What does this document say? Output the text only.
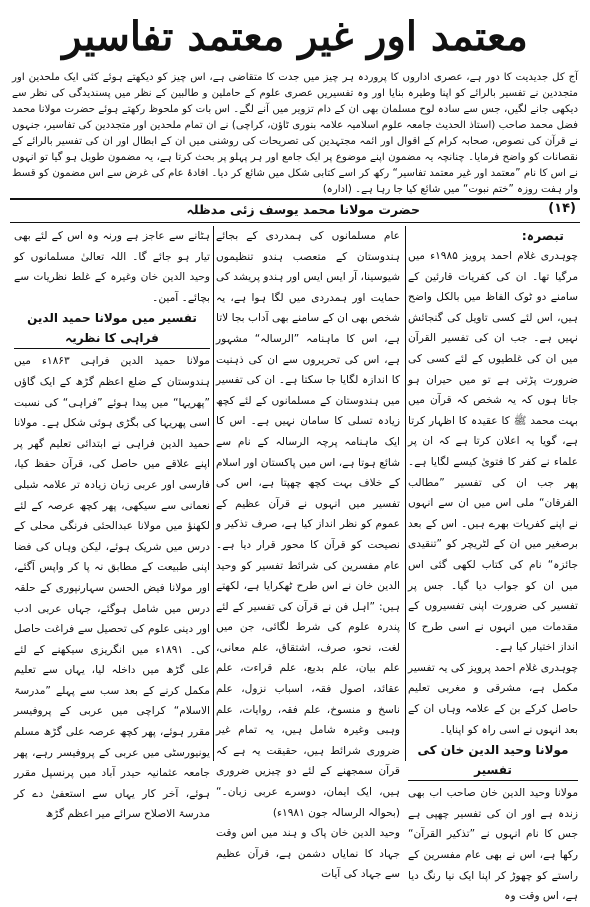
معتمد اور غیر معتمد تفاسیر
آج کل جدیدیت کا دور ہے، عصری اداروں کا پروردہ ہر چیز میں جدت کا متقاضی ہے، اس چیز کو دیکھتے ہوئے کئی ایک ملحدین اور متجددین نے تفسیر بالرائے کو اپنا وطیرہ بنایا اور وہ تفسیریں عصری علوم کے حاملین و طالبین کے نظر میں پسندیدگی کی نظر سے دیکھی جانے لگیں، جس سے سادہ لوح مسلمان بھی ان کے دام تزویر میں آنے لگے۔ اس بات کو ملحوظ رکھتے ہوئے حضرت مولانا محمد فضل محمد صاحب (استاذ الحدیث جامعہ علوم اسلامیہ علامہ بنوری ٹاؤن، کراچی) نے ان تمام ملحدین اور متجددین کی تفاسیر، جنہوں نے قرآن کی نصوص، صحابہ کرام کے اقوال اور ائمہ مجتہدین کی تصریحات کی روشنی میں ان کے ابطال اور ان کی تفسیر بالرائے کے نقصانات کو واضح فرمایا۔ چنانچہ یہ مضمون اپنے موضوع پر ایک جامع اور ہر پہلو پر بحث کرتا ہے، یہ مضمون طویل ہو گیا تو انہوں نے اس کا نام ”معتمد اور غیر معتمد تفاسیر“ رکھ کر اسے کتابی شکل میں شائع کر دیا۔ افادۂ عام کی غرض سے اس مضمون کو قسط وار ہفت روزہ ”ختم نبوت“ میں شائع کیا جا رہا ہے۔ (ادارہ)
(۱۴)
حضرت مولانا محمد یوسف زئی مدظلہ
تبصرہ:

چوہدری غلام احمد پرویز ۱۹۸۵ء میں مرگیا تھا۔ ان کی کفریات قارئین کے سامنے دو ٹوک الفاظ میں بالکل واضح ہیں، اس لئے کسی تاویل کی گنجائش نہیں ہے۔ جب ان کی تفسیر القرآن میں ان کی غلطیوں کے لئے کسی کی ضرورت پڑتی ہے تو میں حیران ہو جاتا ہوں کہ یہ شخص کہ قرآن میں بہت محمد ﷺ کا عقیدہ کا اظہار کرتا ہے، گویا یہ اعلان کرتا ہے کہ ان پر علماء نے کفر کا فتویٰ کیسے لگایا ہے۔ پھر جب ان کی تفسیر ”مطالب الفرقان“ ملی اس میں ان سے انہوں نے اپنے کفریات بھرے ہیں۔ اس کے بعد برصغیر میں ان کے لٹریچر کو ”تنقیدی جائزہ“ نام کی کتاب لکھی گئی اس میں ان کو جواب دیا گیا۔ جس پر تفسیر کی ضرورت اپنی تفسیروں کے مقدمات میں انہوں نے اسی طرح کا انداز اختیار کیا ہے۔

چوہدری غلام احمد پرویز کی یہ تفسیر مکمل ہے، مشرقی و مغربی تعلیم حاصل کرکے بن کے علامہ وہاں ان کے بعد انہوں نے اسی راہ کو اپنایا۔

مولانا وحید الدین خان کی تفسیر

مولانا وحید الدین خان صاحب اب بھی زندہ ہے اور ان کی تفسیر چھپی ہے جس کا نام انہوں نے ”تذکیر القرآن“ رکھا ہے، اس نے بھی عام مفسرین کے راستے کو چھوڑ کر اپنا ایک نیا رنگ دیا ہے، اس وقت وہ

عام مسلمانوں کی ہمدردی کے بجائے ہندوستان کے متعصب ہندو تنظیموں شیوسینا، آر ایس ایس اور ہندو پریشد کی حمایت اور ہمدردی میں لگا ہوا ہے، یہ شخص بھی ان کے سامنے بھی آداب بجا لاتا ہے، اس کا ماہنامہ ”الرسالہ“ مشہور ہے، اس کی تحریروں سے ان کی ذہنیت کا اندازہ لگایا جا سکتا ہے۔ ان کی تفسیر میں ہندوستان کے مسلمانوں کے لئے کچھ زیادہ تسلی کا سامان نہیں ہے۔ اس کا ایک ماہنامہ پرچہ الرسالہ کے نام سے شائع ہوتا ہے، اس میں پاکستان اور اسلام کے خلاف بہت کچھ چھپتا ہے، اس کی تفسیر میں انہوں نے قرآن عظیم کے عموم کو نظر انداز کیا ہے، صرف تذکیر و نصیحت کو قرآن کا محور قرار دیا ہے۔ عام مفسرین کی شرائط تفسیر کو وحید الدین خان نے اس طرح ٹھکرایا ہے، لکھتے ہیں: ”اہل فن نے قرآن کی تفسیر کے لئے پندرہ علوم کی شرط لگائی، جن میں لغت، نحو، صرف، اشتقاق، علم معانی، علم بیان، علم بدیع، علم قراءت، علم عقائد، اصول فقہ، اسباب نزول، علم ناسخ و منسوخ، علم فقہ، روایات، علم وہبی وغیرہ شامل ہیں، یہ تمام غیر ضروری شرائط ہیں، حقیقت یہ ہے کہ قرآن سمجھنے کے لئے دو چیزیں ضروری ہیں، ایک ایمان، دوسرے عربی زبان۔“ (بحوالہ الرسالہ جون ۱۹۸۱ء)

وحید الدین خان پاک و ہند میں اس وقت جہاد کا نمایاں دشمن ہے، قرآن عظیم سے جہاد کی آیات

ہٹانے سے عاجز ہے ورنہ وہ اس کے لئے بھی تیار ہو جائے گا۔ اللہ تعالیٰ مسلمانوں کو وحید الدین خان وغیرہ کے غلط نظریات سے بچائے۔ آمین۔

تفسیر میں مولانا حمید الدین فراہی کا نظریہ

مولانا حمید الدین فراہی ۱۸۶۳ء میں ہندوستان کے ضلع اعظم گڑھ کے ایک گاؤں ”پھریہا“ میں پیدا ہوئے ”فراہی“ کی نسبت اسی پھریہا کی بگڑی ہوئی شکل ہے۔ مولانا حمید الدین فراہی نے ابتدائی تعلیم گھر پر اپنے علاقے میں حاصل کی، قرآن حفظ کیا، فارسی اور عربی زبان زیادہ تر علامہ شبلی نعمانی سے سیکھی، پھر کچھ عرصہ کے لئے لکھنؤ میں مولانا عبدالحئی فرنگی محلی کے درس میں شریک ہوئے، لیکن وہاں کی فضا اپنی طبیعت کے مطابق نہ پا کر واپس آگئے، اور مولانا فیض الحسن سہارنپوری کے حلقہ درس میں شامل ہوگئے، جہاں عربی ادب اور دینی علوم کی تحصیل سے فراغت حاصل کی۔ ۱۸۹۱ء میں انگریزی سیکھنے کے لئے علی گڑھ میں داخلہ لیا، یہاں سے تعلیم مکمل کرنے کے بعد سب سے پہلے ”مدرسۃ الاسلام“ کراچی میں عربی کے پروفیسر مقرر ہوئے، پھر کچھ عرصہ علی گڑھ مسلم یونیورسٹی میں عربی کے پروفیسر رہے، پھر جامعہ عثمانیہ حیدر آباد میں پرنسپل مقرر ہوئے، آخر کار یہاں سے استعفیٰ دے کر مدرسۃ الاصلاح سرائے میر اعظم گڑھ
